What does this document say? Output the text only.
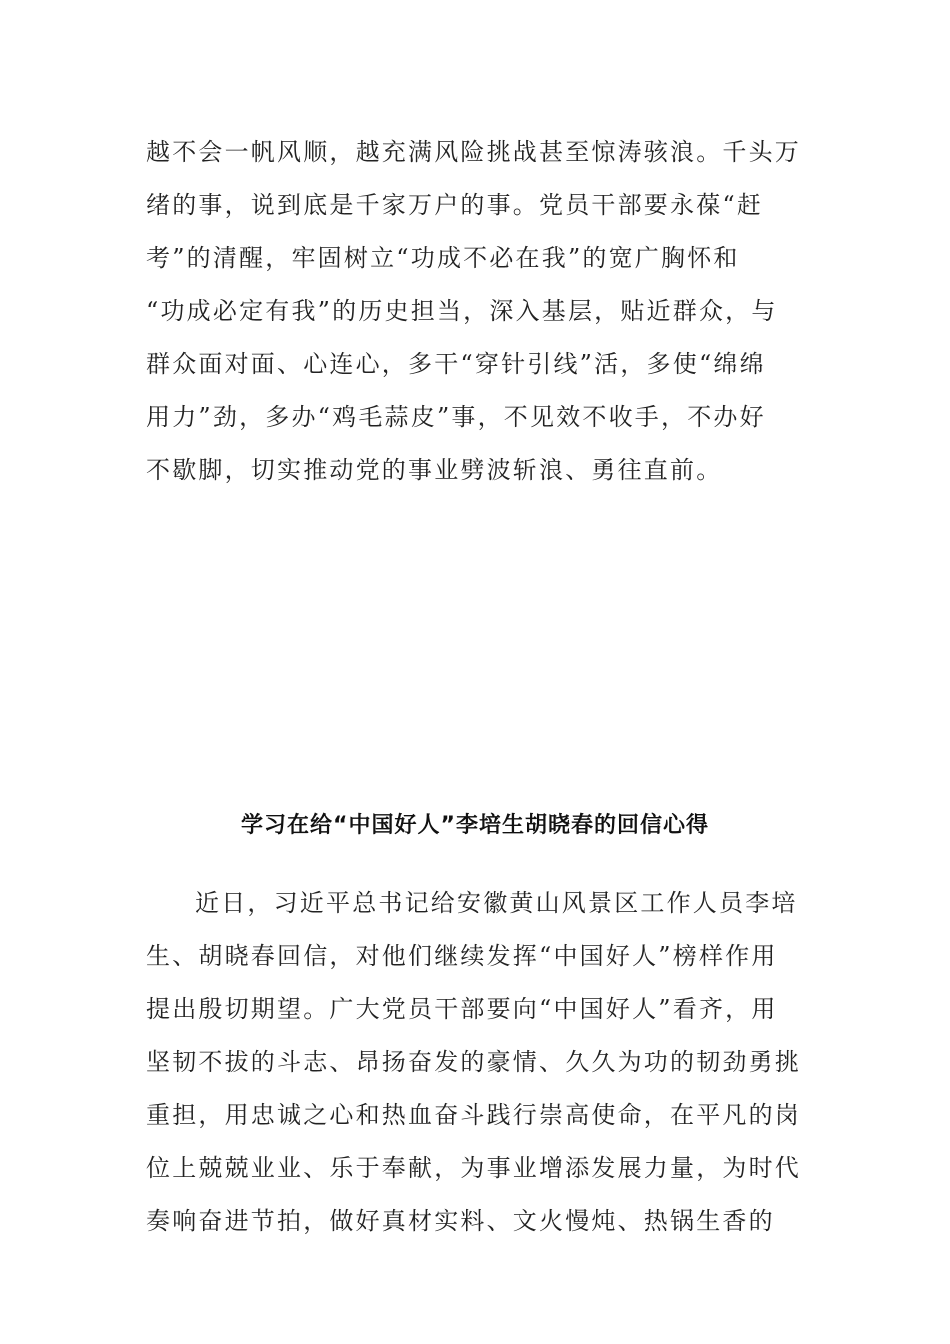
越不会一帆风顺，越充满风险挑战甚至惊涛骇浪。千头万
绪的事，说到底是千家万户的事。党员干部要永葆“赶
考”的清醒，牢固树立“功成不必在我”的宽广胸怀和
“功成必定有我”的历史担当，深入基层，贴近群众，与
群众面对面、心连心，多干“穿针引线”活，多使“绵绵
用力”劲，多办“鸡毛蒜皮”事，不见效不收手，不办好
不歇脚，切实推动党的事业劈波斩浪、勇往直前。
学习在给“中国好人”李培生胡晓春的回信心得
近日，习近平总书记给安徽黄山风景区工作人员李培
生、胡晓春回信，对他们继续发挥“中国好人”榜样作用
提出殷切期望。广大党员干部要向“中国好人”看齐，用
坚韧不拔的斗志、昂扬奋发的豪情、久久为功的韧劲勇挑
重担，用忠诚之心和热血奋斗践行崇高使命，在平凡的岗
位上兢兢业业、乐于奉献，为事业增添发展力量，为时代
奏响奋进节拍，做好真材实料、文火慢炖、热锅生香的
